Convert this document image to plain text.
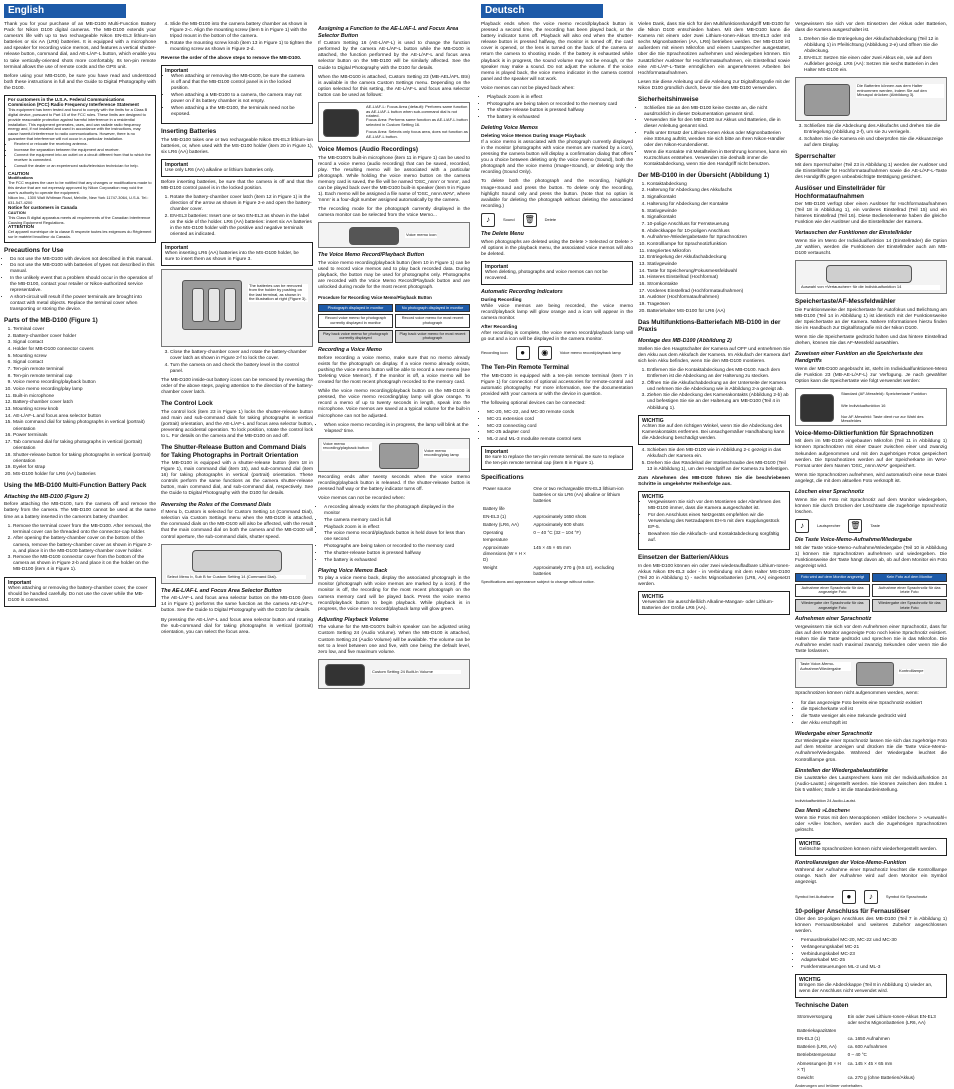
English

Thank you for your purchase of an MB-D100 Multi-Function Battery Pack for Nikon D100 digital cameras. The MB-D100 extends your camera's life with up to two rechargeable Nikon EN-EL3 lithium-ion batteries or six AA (LR6) batteries. It is equipped with a microphone and speaker for recording voice memos, and features a vertical shutter-release button, command dial, and AE-L/AF-L button, which enable you to take vertically-oriented shots more comfortably. Its ten-pin remote terminal allows the use of remote cords and the GPS unit.

Before using your MB-D100, be sure you have read and understood both these instructions in full and the Guide to Digital Photography with the D100.

For customers in the U.S.A. Federal Communications Commission (FCC) Radio Frequency Interference Statement
This equipment has been tested and found to comply with the limits for a Class B digital device, pursuant to Part 15 of the FCC rules. These limits are designed to provide reasonable protection against harmful interference in a residential installation. This equipment generates, uses, and can radiate radio frequency energy and, if not installed and used in accordance with the instructions, may cause harmful interference to radio communications. However, there is no guarantee that interference will not occur in a particular installation.
• Reorient or relocate the receiving antenna.
• Increase the separation between the equipment and receiver.
• Connect the equipment into an outlet on a circuit different from that to which the receiver is connected.
• Consult the dealer or an experienced radio/television technician for help.
CAUTION
Modifications
The FCC requires the user to be notified that any changes or modifications made to this device that are not expressly approved by Nikon Corporation may void the user's authority to operate the equipment.
Nikon Inc., 1300 Walt Whitman Road, Melville, New York 11747-3064, U.S.A. Tel.: 631-547-4200
Notice for customers in Canada
CAUTION
This Class B digital apparatus meets all requirements of the Canadian Interference Causing Equipment Regulations.
ATTENTION
Cet appareil numérique de la classe B respecte toutes les exigences du Règlement sur le matériel brouilleur du Canada.
Precautions for Use
• Do not use the MB-D100 with devices not described in this manual.
• Do not use the MB-D100 with batteries of types not described in this manual.
• In the unlikely event that a problem should occur in the operation of the MB-D100, contact your retailer or Nikon-authorized service representative.
• A short-circuit will result if the power terminals are brought into contact with metal objects. Replace the terminal cover when transporting or storing the device.
Parts of the MB-D100 (Figure 1)
1. Terminal cover
2. Battery-chamber cover holder
3. Signal contact
4. Holder for MB-D100 connector covers
5. Mounting screw
6. Signal contact
7. Ten-pin remote terminal
8. Ten-pin remote terminal cap
9. Voice memo recording/playback button
10. Voice memo recording/play lamp
11. Built-in microphone
12. Battery-chamber cover latch
13. Mounting screw knob
14. AE-L/AF-L and focus area selector button
15. Main command dial for taking photographs in vertical (portrait) orientation
16. Power terminals
17. Tab command dial for taking photographs in vertical (portrait) orientation
18. Shutter-release button for taking photographs in vertical (portrait) orientation
19. Eyelet for strap
20. MS-D100 holder for LR6 (AA) batteries
Using the MB-D100 Multi-Function Battery Pack
Attaching the MB-D100 (Figure 2)

Before attaching the MB-D100, turn the camera off and remove the battery from the camera. The MB-D100 cannot be used at the same time as a battery inserted in the camera's battery chamber.

1. Remove the terminal cover from the MB-D100. After removal, the terminal cover can be threaded onto the connector-cap holder.
2. After opening the battery-chamber cover on the bottom of the camera, remove the battery-chamber cover as shown in Figure 2-a, and place it in the MB-D100 battery-chamber cover holder.
3. Remove the MB-D100 connector cover from the bottom of the camera as shown in Figure 2-b and place it on the holder on the MB-D100 (item 4 in Figure 1).
Important
When attaching or removing the battery-chamber cover, the cover should be handled carefully. Do not use the cover while the MB-D100 is connected.
4. Slide the MB-D100 into the camera battery chamber as shown in Figure 2-c. Align the mounting screw (item 5 in Figure 1) with the tripod mount in the bottom of the camera.
5. Rotate the mounting screw knob (item 13 in Figure 1) to tighten the mounting screw as shown in Figure 2-d.

Reverse the order of the above steps to remove the MB-D100.

Important
• When attaching or removing the MB-D100, be sure the camera is off and that the MB-D100 control panel is in the locked position.
• When attaching a MB-D100 to a camera, the camera may not power on if its battery chamber is not empty.
• When attaching a the MB-D100, the terminals need not be exposed.
Inserting Batteries

The MB-D100 takes one or two rechargeable Nikon EN-EL3 lithium-ion batteries, or, when used with the MS-D100 holder (item 20 in Figure 1), six LR6 (AA) batteries.

Important
Use only LR6 (AA) alkaline or lithium batteries only.

Before inserting batteries, be sure that the camera is off and that the MB-D100 control panel is in the locked position.

1. Rotate the battery-chamber cover latch (item 12 in Figure 1) in the direction of the arrow as shown in Figure 2-e and open the battery-chamber cover.
2. EN-EL3 batteries: Insert one or two EN-EL3 as shown in the label on the side of the holder. LR6 (AA) batteries: insert six AA batteries in the MS-D100 holder with the positive and negative terminals oriented as indicated.
Important
When inserting LR6 (AA) batteries into the MS-D100 holder, be sure to insert them as shown in Figure 3.
The batteries can be removed from the holder by pushing on the last terminal, as shown in the illustration at right (Figure 3).
3. Close the battery-chamber cover and rotate the battery-chamber cover latch as shown in Figure 2-f to lock the cover.
4. Turn the camera on and check the battery level in the control panel.

The MB-D100 inside-out battery icons can be removed by reversing the order of the above steps, paying attention to the direction of the battery-chamber cover latch.

The Control Lock

The control lock (item 23 in Figure 1) locks the shutter-release button and main and sub-command dials for taking photographs in vertical (portrait) orientation, and the AE-L/AF-L and focus area selector button, preventing accidental operation. To lock position, rotate the control lock to L. For details on the camera and the MB-D100 on and off.

The Shutter-Release Button and Command Dials for Taking Photographs in Portrait Orientation

The MB-D100 is equipped with a shutter-release button (item 18 in Figure 1), main command dial (item 15), and sub-command dial (item 16) for taking photographs in vertical (portrait) orientation. These controls perform the same functions as the camera shutter-release button, main command dial, and sub-command dial, respectively. See the Guide to Digital Photography with the D100 for details.

Reversing the Roles of the Command Dials

If Menu b, Custom is selected for Custom Setting 14 (Command Dial), selection via Custom Settings menu when the MB-D100 is attached, the command dials on the MB-D100 will also be affected, with the result that the main command dial on both the camera and the MB-D100 will control aperture, the sub-command dials, shutter speed.

Select Menu b, Sub B for Custom Setting 14 (Command Dial).
The AE-L/AF-L and Focus Area Selector Button

The AE-L/AF-L and focus area selector button on the MB-D100 (item 14 in Figure 1) performs the same function as the camera AE-L/AF-L button. See the Guide to Digital Photography with the D100 for details.

By pressing the AE-L/AF-L and focus area selector button and rotating the sub-command dial for taking photographs in vertical (portrait) orientation, you can select the focus area.

Assigning a Function to the AE-L/AF-L and Focus Area Selector Button

If Custom Setting 16 (AE-L/AF-L) is used to change the function performed by the camera AE-L/AF-L button while the MB-D100 is attached, the function performed by the AE-L/AF-L and focus area selector button on the MB-D100 will be similarly affected. See the Guide to Digital Photography with the D100 for details.

When the MB-D100 is attached, Custom Setting 23 (MB-AEL/AFL Btn) is available in the camera Custom Settings menu. Depending on the option selected for this setting, the AE-L/AF-L and focus area selector button can be used as follows:

AE-L/AF-L: Focus Area (default): Performs same function as AE-L/AF-L button when sub-command dial is not rotated.
Focus Area: Performs same function as AE-L/AF-L button selected in Custom Setting 16.
Focus Area: Selects only focus area, does not function as AE-L/AF-L button.
Voice Memos (Audio Recordings)

The MB-D100's built-in microphone (item 11 in Figure 1) can be used to record a voice memo (audio recording) that can be saved, recorded, play. The resulting memo will be associated with a particular photograph. While holding the voice memo button on the camera memory card is saved, the file will be named 'DSC_nnnn' or 'nnnn', and can be played back over the MB-D100 built-in speaker (item 9 in Figure 1). Each memo will be assigned a file name of 'DSC_nnnn.WAV', where 'nnnn' is a four-digit number assigned automatically by the camera.

The recording mode for the photograph currently displayed in the camera monitor can be selected from the Voice Memo...

Voice memo icon
The Voice Memo Record/Playback Button

The voice memo recording/playback button (item 10 in Figure 1) can be used to record voice memos and to play back recorded data. During playback, the button may be used for photographs only. Photographs are recorded with the Voice Memo Record/Playback button and are unlocked during mode for the most recent photograph.

Procedure for Recording Voice Memo/Playback Button
Photograph displayed in monitor	No photograph displayed in monitor
Record voice memo for photograph currently displayed in monitor
Record voice memo for most recent photograph
Play back voice memo for photograph currently displayed
Play back voice memo for most recent photograph
Recording a Voice Memo

Before recording a voice memo, make sure that no memo already exists for the photograph on display. If a voice memo already exists, pushing the voice memo button will be able to record a new memo (see 'Deleting Voice Memos'). If the monitor is off, a voice memo will be created for the most recent photograph recorded to the memory card.

While the voice memo recording/playback button on the MB-D100 is pressed, the voice memo recording/play lamp will glow orange. To record a memo of up to twenty seconds in length, speak into the microphone. Voice memos are saved at a typical volume for the built-in microphone can not be adjusted.

• When voice memo recording is in progress, the lamp will blink at the 'elapsed' time.
Voice memo recording/playback button	Voice memo recording/play lamp

Recording ends after twenty seconds when the voice memo recording/playback button is released. If the shutter-release button is pressed half way or the battery indicator turns off.

Voice memos can not be recorded when:

• A recording already exists for the photograph displayed in the monitor
• The camera memory card is full
• Playback zoom is in effect
• The voice memo record/playback button is held down for less than one second
• Photographs are being taken or recorded to the memory card
• The shutter-release button is pressed halfway
• The battery is exhausted
Playing Voice Memos Back

To play a voice memo back, display the associated photograph in the monitor (photograph with voice memos are marked by a icon). If the monitor is off, the recording for the most recent photograph on the camera memory card will be played back. Press the voice memo record/playback button to begin playback. While playback is in progress, the voice memo record/playback lamp will glow green.

Adjusting Playback Volume

The volume for the MB-D100's built-in speaker can be adjusted using Custom Setting 24 (Audio Volume). When the MB-D100 is attached, Custom Setting 24 (Audio Volume) will be available. The volume can be set to a level between one and five, with one being the default level, zero low, and five maximum volume.

Custom Setting 24 Built-In Volume
Deutsch

Playback ends when the voice memo record/playback button is pressed a second time, the recording has been played back, or the battery indicator turns off. Playback will also end when the shutter-release button is pressed halfway, the monitor is turned off, the card cover is opened, or the lens is turned on the back of the camera or return the camera to shooting mode. If the battery is exhausted while playback is in progress, the sound volume may not be enough, or the speaker may make a sound. Do not adjust the volume. If the voice memo is played back, the voice memo indicator in the camera control panel and the speaker will not work.

Voice memos can not be played back when:

• Playback zoom is in effect
• Photographs are being taken or recorded to the memory card
• The shutter-release button is pressed halfway
• The battery is exhausted
Deleting Voice Memos
Deleting Voice Memos During Image Playback

If a voice memo is associated with the photograph currently displayed in the monitor (photographs with voice memos are marked by a icon), pressing the camera button will display a confirmation dialog that offers you a choice between deleting only the voice memo (Sound), both the photograph and the voice memo (Image+Sound), or deleting only the recording (Sound Only).

To delete both the photograph and the recording, highlight Image+Sound and press the button. To delete only the recording, highlight Sound only and press the button. (Note that no option is available for deleting the photograph without deleting the associated recording.)

♪	Sound 🗑	Delete
The Delete Menu

When photographs are deleted using the Delete > Selected or Delete > All options in the playback menu, the associated voice memos will also be deleted.

Important
When deleting, photographs and voice memos can not be recovered.
Automatic Recording Indicators
During Recording

While voice memos are being recorded, the voice memo record/playback lamp will glow orange and a icon will appear in the camera monitor.

After Recording

After recording is complete, the voice memo record/playback lamp will go out and a icon will be displayed in the camera monitor.

Recording icon	●	◉	Voice memo record/playback lamp
The Ten-Pin Remote Terminal

The MB-D100 is equipped with a ten-pin remote terminal (item 7 in Figure 1) for connection of optional accessories for remote-control and automatic photography. For more information, see the documentation provided with your camera or with the device in question.

The following optional devices can be connected:

• MC-20, MC-22, and MC-30 remote cords
• MC-21 extension cord
• MC-23 connecting cord
• MC-25 adapter cord
• ML-2 and ML-3 modulite remote control sets
Important
Be sure to replace the ten-pin remote terminal. Be sure to replace the ten-pin remote terminal cap (item 8 in Figure 1).
Specifications
Power source	One or two rechargeable EN-EL3 lithium-ion batteries or six LR6 (AA) alkaline or lithium batteries
Battery life	
EN-EL3 (1)	Approximately 1650 shots
Battery (LR6, AA)	Approximately 600 shots
Operating temperature	0 – 40 °C (32 – 104 °F)
Approximate dimensions (W × H × D)	145 × 45 × 65 mm
Weight	Approximately 270 g (9.5 oz), excluding batteries

Specifications and appearance subject to change without notice.

Vielen Dank, dass Sie sich für den Multifunktionshandgriff MB-D100 für die Nikon D100 entschieden haben. Mit dem MB-D100 kann die Kamera mit einem oder zwei Lithium-Ionen-Akkus EN-EL3 oder mit sechs Mignonbatterien (AA, LR6) betrieben werden. Der MB-D100 ist außerdem mit einem Mikrofon und einem Lautsprecher ausgestattet, über die Sie Sprachnotizen aufnehmen und wiedergeben können. Ein zusätzlicher Auslöser für Hochformataufnahmen, ein Einstellrad sowie eine AE-L/AF-L-Taste ermöglichen ein angenehmeres Arbeiten bei Hochformataufnahmen.

Lesen Sie diese Anleitung und die Anleitung zur Digitalfotografie mit der Nikon D100 gründlich durch, bevor Sie den MB-D100 verwenden.

Sicherheitshinweise
• Schließen Sie an den MB-D100 keine Geräte an, die nicht ausdrücklich in dieser Dokumentation genannt sind.
• Verwenden Sie für den MB-D100 nur Akkus und Batterien, die in dieser Anleitung genannt sind.
• Falls unter Ersatz der Lithium-Ionen Akkus oder Mignonbatterien eine Störung auftritt, wenden Sie sich bitte an Ihren Nikon-Händler oder den Nikon-Kundendienst.
• Wenn die Kontakte mit Metallteilen in Berührung kommen, kann ein Kurzschluss entstehen. Verwenden Sie deshalb immer die Kontaktabdeckung, wenn Sie den Handgriff nicht benutzen.
Der MB-D100 in der Übersicht (Abbildung 1)
1. Kontaktabdeckung
2. Halterung für Abdeckung des Akkufachs
3. Signalkontakt
4. Halterung für Abdeckung der Kontakte
5. Stativgewinde
6. Signalkontakt
7. 10-polige Anschluss für Fernsteuerung
8. Abdeckkappe für 10-poligen Anschluss
9. Aufnahme-/Wiedergabetaste für Sprachnotizen
10. Kontrolllampe für Sprachnotizfunktion
11. Integriertes Mikrofon
12. Entriegelung der Akkufachabdeckung
13. Stativgewinde
14. Taste für Speicherung/Fokusmessfeldwahl
15. Hinteres Einstellrad (Hochformat)
16. Stromkontakte
17. Vorderes Einstellrad (Hochformataufnahmen)
18. Auslöser (Hochformataufnahmen)
19. Trageösen
20. Batteriehalter MS-D100 für LR6 (AA)
Das Multifunktions-Batteriefach MB-D100 in der Praxis
Montage des MB-D100 (Abbildung 2)

Stellen Sie den Hauptschalter der Kamera auf OFF und entnehmen Sie den Akku aus dem Akkufach der Kamera. Im Akkufach der Kamera darf sich kein Akku befinden, wenn Sie den MB-D100 montieren.

1. Entfernen Sie die Kontaktabdeckung des MB-D100. Nach dem Entfernen ist die Abdeckung an der Halterung zu stecken.
2. Öffnen Sie die Akkufachabdeckung an der Unterseite der Kamera und nehmen Sie die Abdeckung wie in Abbildung 2-a gezeigt ab.
3. Ziehen Sie die Abdeckung des Kamerakontakts (Abbildung 2-b) ab und befestigen Sie sie an der Halterung am MB-D100 (Teil 4 in Abbildung 1).
WICHTIG
Achten Sie auf den richtigen Winkel, wenn Sie die Abdeckung des Kamerakontakts entfernen. Bei unsachgemäßer Handhabung kann die Abdeckung beschädigt werden.
4. Schieben Sie den MB-D100 wie in Abbildung 2-c gezeigt in das Akkufach der Kamera ein.
5. Drehen Sie das Rändelrad der Stativschraube des MB-D100 (Teil 13 in Abbildung 1), um den Handgriff an der Kamera zu befestigen.

Zum Abnehmen des MB-D100 führen Sie die beschriebenen Schritte in umgekehrter Reihenfolge aus.

WICHTIG
• Vergewissern Sie sich vor dem Montieren oder Abnehmen des MB-D100 immer, dass die Kamera ausgeschaltet ist.
• Für den Anschluss eines Netzgeräts empfehlen wir die Verwendung des Netzadapters EH-5 mit dem Kupplungsstück EP-5.
• Bewahren Sie die Akkufach- und Kontaktabdeckung sorgfältig auf.
Einsetzen der Batterien/Akkus

In den MB-D100 können ein oder zwei wiederaufladbare Lithium-Ionen-Akkus Nikon EN-EL3 oder - in Verbindung mit dem Halter MS-D100 (Teil 20 in Abbildung 1) - sechs Mignonbatterien (LR6, AA) eingesetzt werden.

WICHTIG
Verwenden Sie ausschließlich Alkaline-Mangan- oder Lithium-Batterien der Größe LR6 (AA).

Vergewissern Sie sich vor dem Einsetzen der Akkus oder Batterien, dass die Kamera ausgeschaltet ist.

1. Drehen Sie die Entriegelung der Akkufachabdeckung (Teil 12 in Abbildung 1) in Pfeilrichtung (Abbildung 2-e) und öffnen Sie die Abdeckung.
2. EN-EL3: Setzen Sie einen oder zwei Akkus ein, wie auf dem Aufkleber gezeigt. LR6 (AA): Setzen Sie sechs Batterien in den Halter MS-D100 ein.
Die Batterien können aus dem Halter entnommen werden, indem Sie auf den Minuspol drücken (Abbildung 3).
3. Schließen Sie die Abdeckung des Akkufachs und drehen Sie die Entriegelung (Abbildung 2-f), um sie zu verriegeln.
4. Schalten Sie die Kamera ein und überprüfen Sie die Akkuanzeige auf dem Display.
Sperrschalter

Mit dem Sperrschalter (Teil 23 in Abbildung 1) werden der Auslöser und die Einstellräder für Hochformataufnahmen sowie die AE-L/AF-L-Taste des Handgriffs gegen unbeabsichtigte Betätigung gesichert.

Auslöser und Einstellräder für Hochformataufnahmen

Der MB-D100 verfügt über einen Auslöser für Hochformataufnahmen (Teil 18 in Abbildung 1), ein vorderes Einstellrad (Teil 15) und ein hinteres Einstellrad (Teil 16). Diese Bedienelemente haben die gleiche Funktion wie der Auslöser und die Einstellräder der Kamera.

Vertauschen der Funktionen der Einstellräder

Wenn Sie im Menü der Individualfunktion 14 (Einstellräder) die Option ‚Ja' wählen, werden die Funktionen der Einstellräder auch am MB-D100 vertauscht.

Auswahl von »Vertauschen« für die Individualfunktion 14
Speichertaste/AF-Messfeldwähler

Die Funktionsweise der Speichertaste für Autofokus und Belichtung am MB-D100 (Teil 14 in Abbildung 1) ist identisch mit der Funktionsweise der Speichertaste an der Kamera. Nähere Informationen hierzu finden Sie im Handbuch zur Digitalfotografie mit der Nikon D100.

Wenn Sie die Speichertaste gedrückt halten und das hintere Einstellrad drehen, können Sie das AF-Messfeld auswählen.

Zuweisen einer Funktion an die Speichertaste des Handgriffs

Wenn der MB-D100 angebracht ist, steht im Individualfunktionen-Menü die Funktion 23 (MB-AE-L/AF-L) zur Verfügung. Je nach gewählter Option kann die Speichertaste wie folgt verwendet werden:

Standard (AF-Messfeld): Speichertaste Funktion
Wie Individualfunktion 16
Nur AF-Messfeld: Taste dient nur zur Wahl des Messfeldes
Voice-Memo-Diktierfunktion für Sprachnotizen

Mit dem im MB-D100 eingebauten Mikrofon (Teil 11 in Abbildung 1) können Sprachnotizen mit einer Dauer zwischen einer und zwanzig Sekunden aufgenommen und mit den zugehörigen Fotos gespeichert werden. Die Sprachnotizen werden auf der Speicherkarte im WAV-Format unter dem Namen 'DSC_nnnn.WAV' gespeichert.

Wenn Sie Sprachnotizen aufnehmen, wird automatisch eine neue Datei angelegt, die mit dem aktuellen Foto verknüpft ist.

Löschen einer Sprachnotiz

Wenn Sie ein Foto mit Sprachnotiz auf dem Monitor wiedergeben, können Sie durch Drücken der Löschtaste die zugehörige Sprachnotiz löschen.

♪	Lautsprecher 🗑	Taste
Die Taste Voice-Memo-Aufnahme/Wiedergabe

Mit der Taste Voice-Memo-Aufnahme/Wiedergabe (Teil 10 in Abbildung 1) können Sie Sprachnotizen aufnehmen und wiedergeben. Die Funktionsweise der Taste hängt davon ab, ob auf dem Monitor ein Foto angezeigt wird.

Foto wird auf dem Monitor angezeigt	Kein Foto auf dem Monitor
Aufnahme einer Sprachnotiz für das angezeigte Foto
Aufnahme einer Sprachnotiz für das letzte Foto
Wiedergabe der Sprachnotiz für das angezeigte Foto
Wiedergabe der Sprachnotiz für das letzte Foto
Aufnehmen einer Sprachnotiz

Vergewissern Sie sich vor dem Aufnehmen einer Sprachnotiz, dass für das auf dem Monitor angezeigte Foto noch keine Sprachnotiz existiert. Halten Sie die Taste gedrückt und sprechen Sie in das Mikrofon. Die Aufnahme endet nach maximal zwanzig Sekunden oder wenn Sie die Taste loslassen.

Taste Voice-Memo-Aufnahme/Wiedergabe	Kontrolllampe

Sprachnotizen können nicht aufgenommen werden, wenn:

• für das angezeigte Foto bereits eine Sprachnotiz existiert
• die Speicherkarte voll ist
• die Taste weniger als eine Sekunde gedrückt wird
• der Akku erschöpft ist
Wiedergabe einer Sprachnotiz

Zur Wiedergabe einer Sprachnotiz lassen Sie sich das zugehörige Foto auf dem Monitor anzeigen und drücken Sie die Taste Voice-Memo-Aufnahme/Wiedergabe. Während der Wiedergabe leuchtet die Kontrolllampe grün.

Einstellen der Wiedergabelautstärke

Die Lautstärke des Lautsprechers kann mit der Individualfunktion 24 (Audio-Lautst.) eingestellt werden. Sie können zwischen den Stufen 1 bis 5 wählen; Stufe 1 ist die Standardeinstellung.

Individualfunktion 24 Audio-Lautst.
Das Menü »Löschen«

Wenn Sie Fotos mit den Menüoptionen »Bilder löschen« > »Auswahl« oder »Alle« löschen, werden auch die zugehörigen Sprachnotizen gelöscht.

WICHTIG
Gelöschte Sprachnotizen können nicht wiederhergestellt werden.
Kontrollanzeigen der Voice-Memo-Funktion

Während der Aufnahme einer Sprachnotiz leuchtet die Kontrolllampe orange. Nach der Aufnahme wird auf dem Monitor ein Symbol angezeigt.

Symbol bei Aufnahme	●	♪	Symbol für Sprachnotiz
10-poliger Anschluss für Fernauslöser

Über den 10-poligen Anschluss des MB-D100 (Teil 7 in Abbildung 1) können Fernauslösekabel und weiteres Zubehör angeschlossen werden.

• Fernauslösekabel MC-20, MC-22 und MC-30
• Verlängerungskabel MC-21
• Verbindungskabel MC-23
• Adapterkabel MC-25
• Funkfernsteuerungen ML-2 und ML-3
WICHTIG
Bringen Sie die Abdeckkappe (Teil 8 in Abbildung 1) wieder an, wenn der Anschluss nicht verwendet wird.
Technische Daten
Stromversorgung	Ein oder zwei Lithium-Ionen-Akkus EN-EL3 oder sechs Mignonbatterien (LR6, AA)
Batteriekapazitäten	
EN-EL3 (1)	ca. 1650 Aufnahmen
Batterien (LR6, AA)	ca. 600 Aufnahmen
Betriebstemperatur	0 – 40 °C
Abmessungen (B × H × T)	ca. 145 × 45 × 65 mm
Gewicht	ca. 270 g (ohne Batterien/Akkus)

Änderungen und Irrtümer vorbehalten.
